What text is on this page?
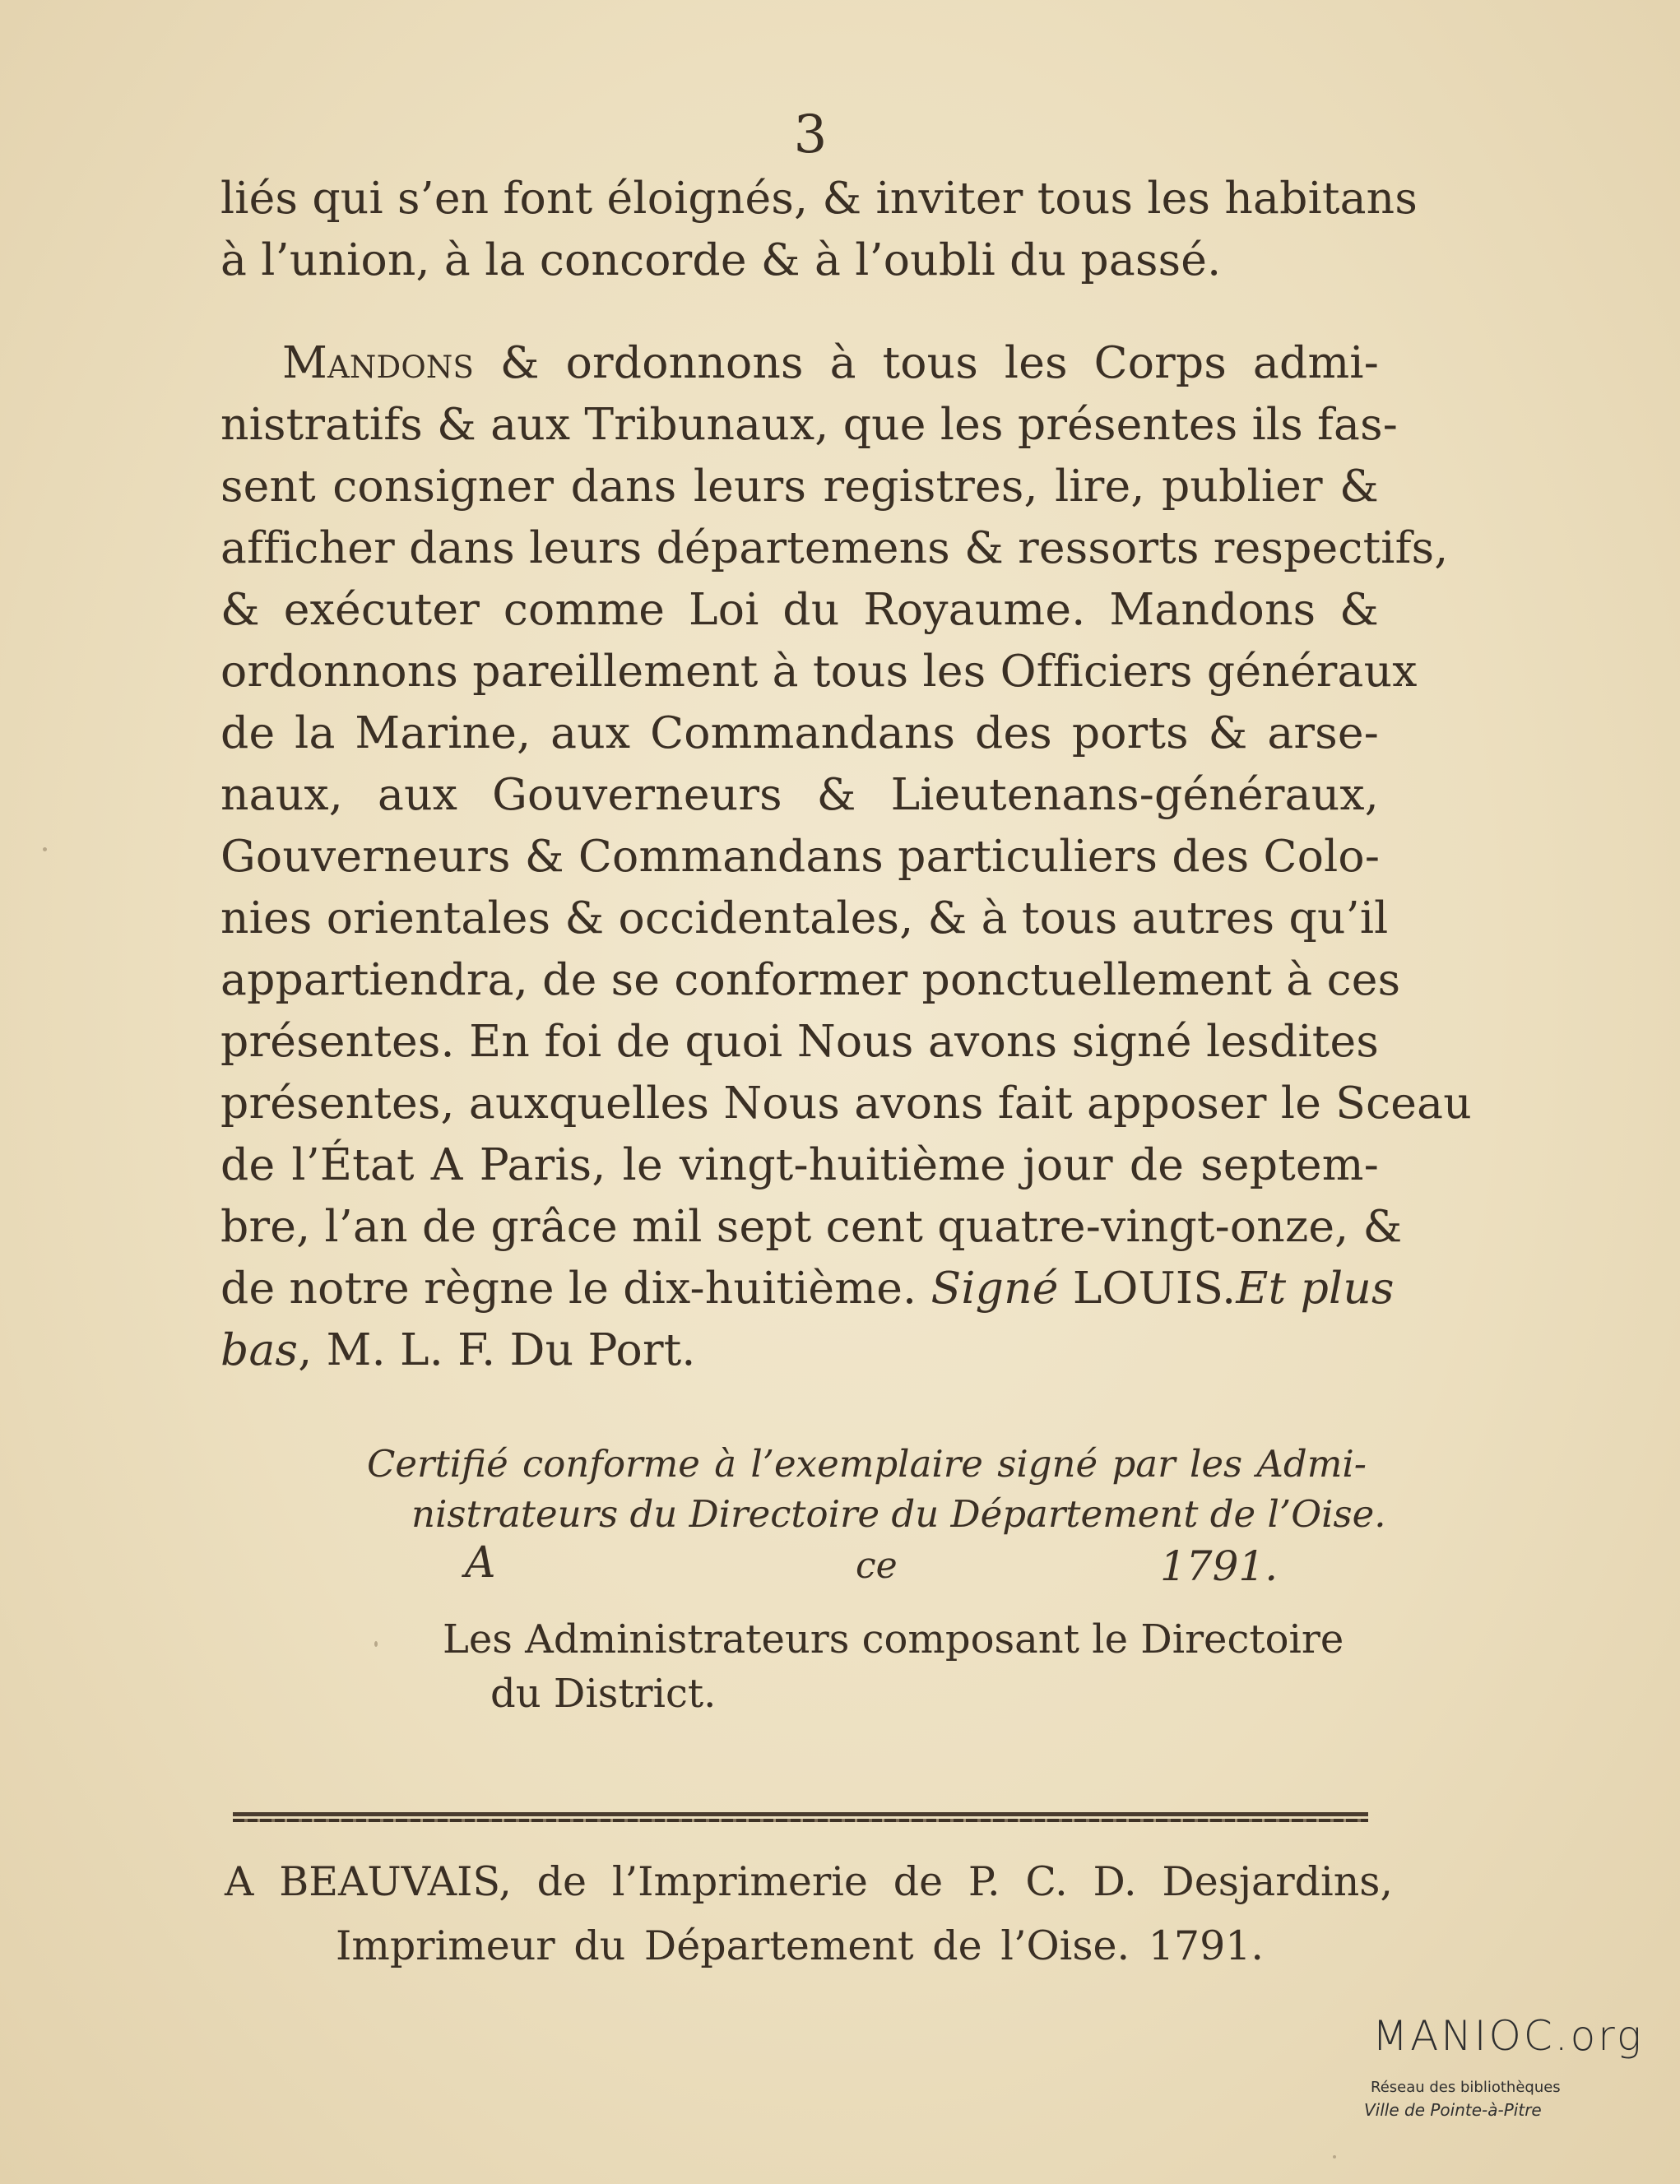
3
liés qui s’en font éloignés, & inviter tous les habitans
à l’union, à la concorde & à l’oubli du passé.
Mandons & ordonnons à tous les Corps admi-
nistratifs & aux Tribunaux, que les présentes ils fas-
sent consigner dans leurs registres, lire, publier &
afficher dans leurs départemens & ressorts respectifs,
& exécuter comme Loi du Royaume. Mandons &
ordonnons pareillement à tous les Officiers généraux
de la Marine, aux Commandans des ports & arse-
naux, aux Gouverneurs & Lieutenans-généraux,
Gouverneurs & Commandans particuliers des Colo-
nies orientales & occidentales, & à tous autres qu’il
appartiendra, de se conformer ponctuellement à ces
présentes. En foi de quoi Nous avons signé lesdites
présentes, auxquelles Nous avons fait apposer le Sceau
de l’État A Paris, le vingt-huitième jour de septem-
bre, l’an de grâce mil sept cent quatre-vingt-onze, &
de notre règne le dix-huitième. Signé LOUIS.Et plus
bas, M. L. F. Du Port.
Certifié conforme à l’exemplaire signé par les Admi-
nistrateurs du Directoire du Département de l’Oise.
A	ce	1791.
Les Administrateurs composant le Directoire
du District.
A BEAUVAIS, de l’Imprimerie de P. C. D. Desjardins,
Imprimeur du Département de l’Oise. 1791.
MANIOC.org
Réseau des bibliothèques
Ville de Pointe-à-Pitre
